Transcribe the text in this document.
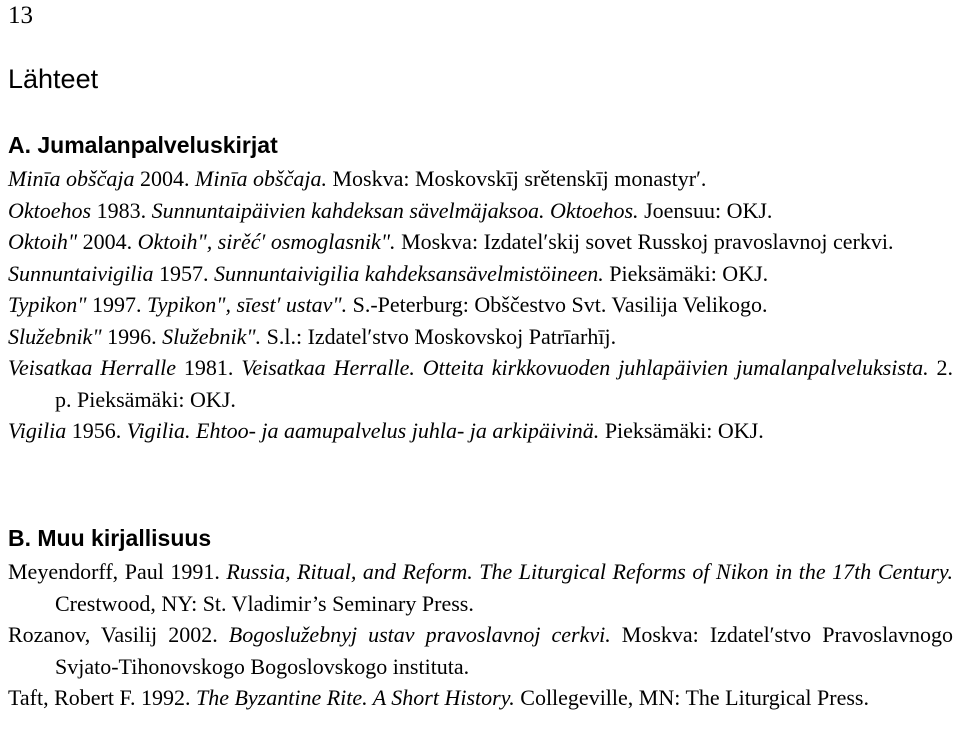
13
Lähteet
A. Jumalanpalveluskirjat
Minīa obščaja 2004. Minīa obščaja. Moskva: Moskovskīj srětenskīj monastyr′.
Oktoehos 1983. Sunnuntaipäivien kahdeksan sävelmäjaksoa. Oktoehos. Joensuu: OKJ.
Oktoih" 2004. Oktoih", sirěć′ osmoglasnik". Moskva: Izdatel′skij sovet Russkoj pravoslavnoj cerkvi.
Sunnuntaivigilia 1957. Sunnuntaivigilia kahdeksansävelmistöineen. Pieksämäki: OKJ.
Typikon" 1997. Typikon", sīest′ ustav". S.-Peterburg: Obščestvo Svt. Vasilija Velikogo.
Služebnik" 1996. Služebnik". S.l.: Izdatel′stvo Moskovskoj Patrīarhīj.
Veisatkaa Herralle 1981. Veisatkaa Herralle. Otteita kirkkovuoden juhlapäivien jumalanpalveluksista. 2. p. Pieksämäki: OKJ.
Vigilia 1956. Vigilia. Ehtoo- ja aamupalvelus juhla- ja arkipäivinä. Pieksämäki: OKJ.
B. Muu kirjallisuus
Meyendorff, Paul 1991. Russia, Ritual, and Reform. The Liturgical Reforms of Nikon in the 17th Century. Crestwood, NY: St. Vladimir’s Seminary Press.
Rozanov, Vasilij 2002. Bogoslužebnyj ustav pravoslavnoj cerkvi. Moskva: Izdatel′stvo Pravoslavnogo Svjato-Tihonovskogo Bogoslovskogo instituta.
Taft, Robert F. 1992. The Byzantine Rite. A Short History. Collegeville, MN: The Liturgical Press.
